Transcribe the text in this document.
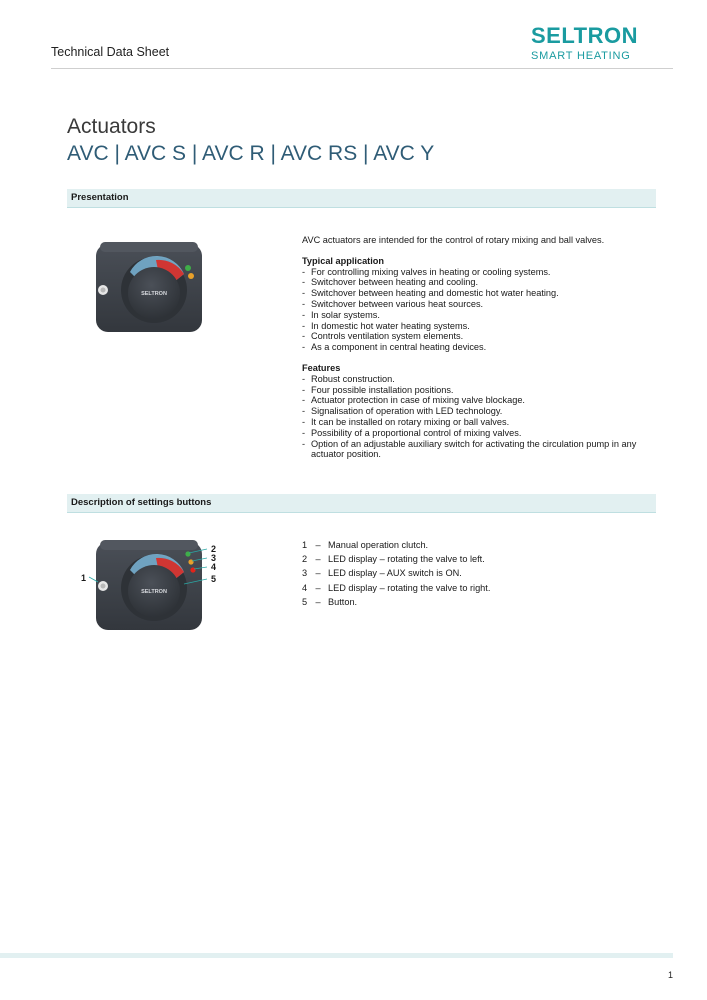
Technical Data Sheet
SELTRON
SMART HEATING
Actuators
AVC | AVC S | AVC R | AVC RS | AVC Y
Presentation
SELTRON
AVC actuators are intended for the control of rotary mixing and ball valves.
Typical application
- For controlling mixing valves in heating or cooling systems.
- Switchover between heating and cooling.
- Switchover between heating and domestic hot water heating.
- Switchover between various heat sources.
- In solar systems.
- In domestic hot water heating systems.
- Controls ventilation system elements.
- As a component in central heating devices.
Features
- Robust construction.
- Four possible installation positions.
- Actuator protection in case of mixing valve blockage.
- Signalisation of operation with LED technology.
- It can be installed on rotary mixing or ball valves.
- Possibility of a proportional control of mixing valves.
- Option of an adjustable auxiliary switch for activating the circulation pump in any actuator position.
Description of settings buttons
SELTRON
1
2
3
4
5
1 – Manual operation clutch.
2 – LED display – rotating the valve to left.
3 – LED display – AUX switch is ON.
4 – LED display – rotating the valve to right.
5 – Button.
1
